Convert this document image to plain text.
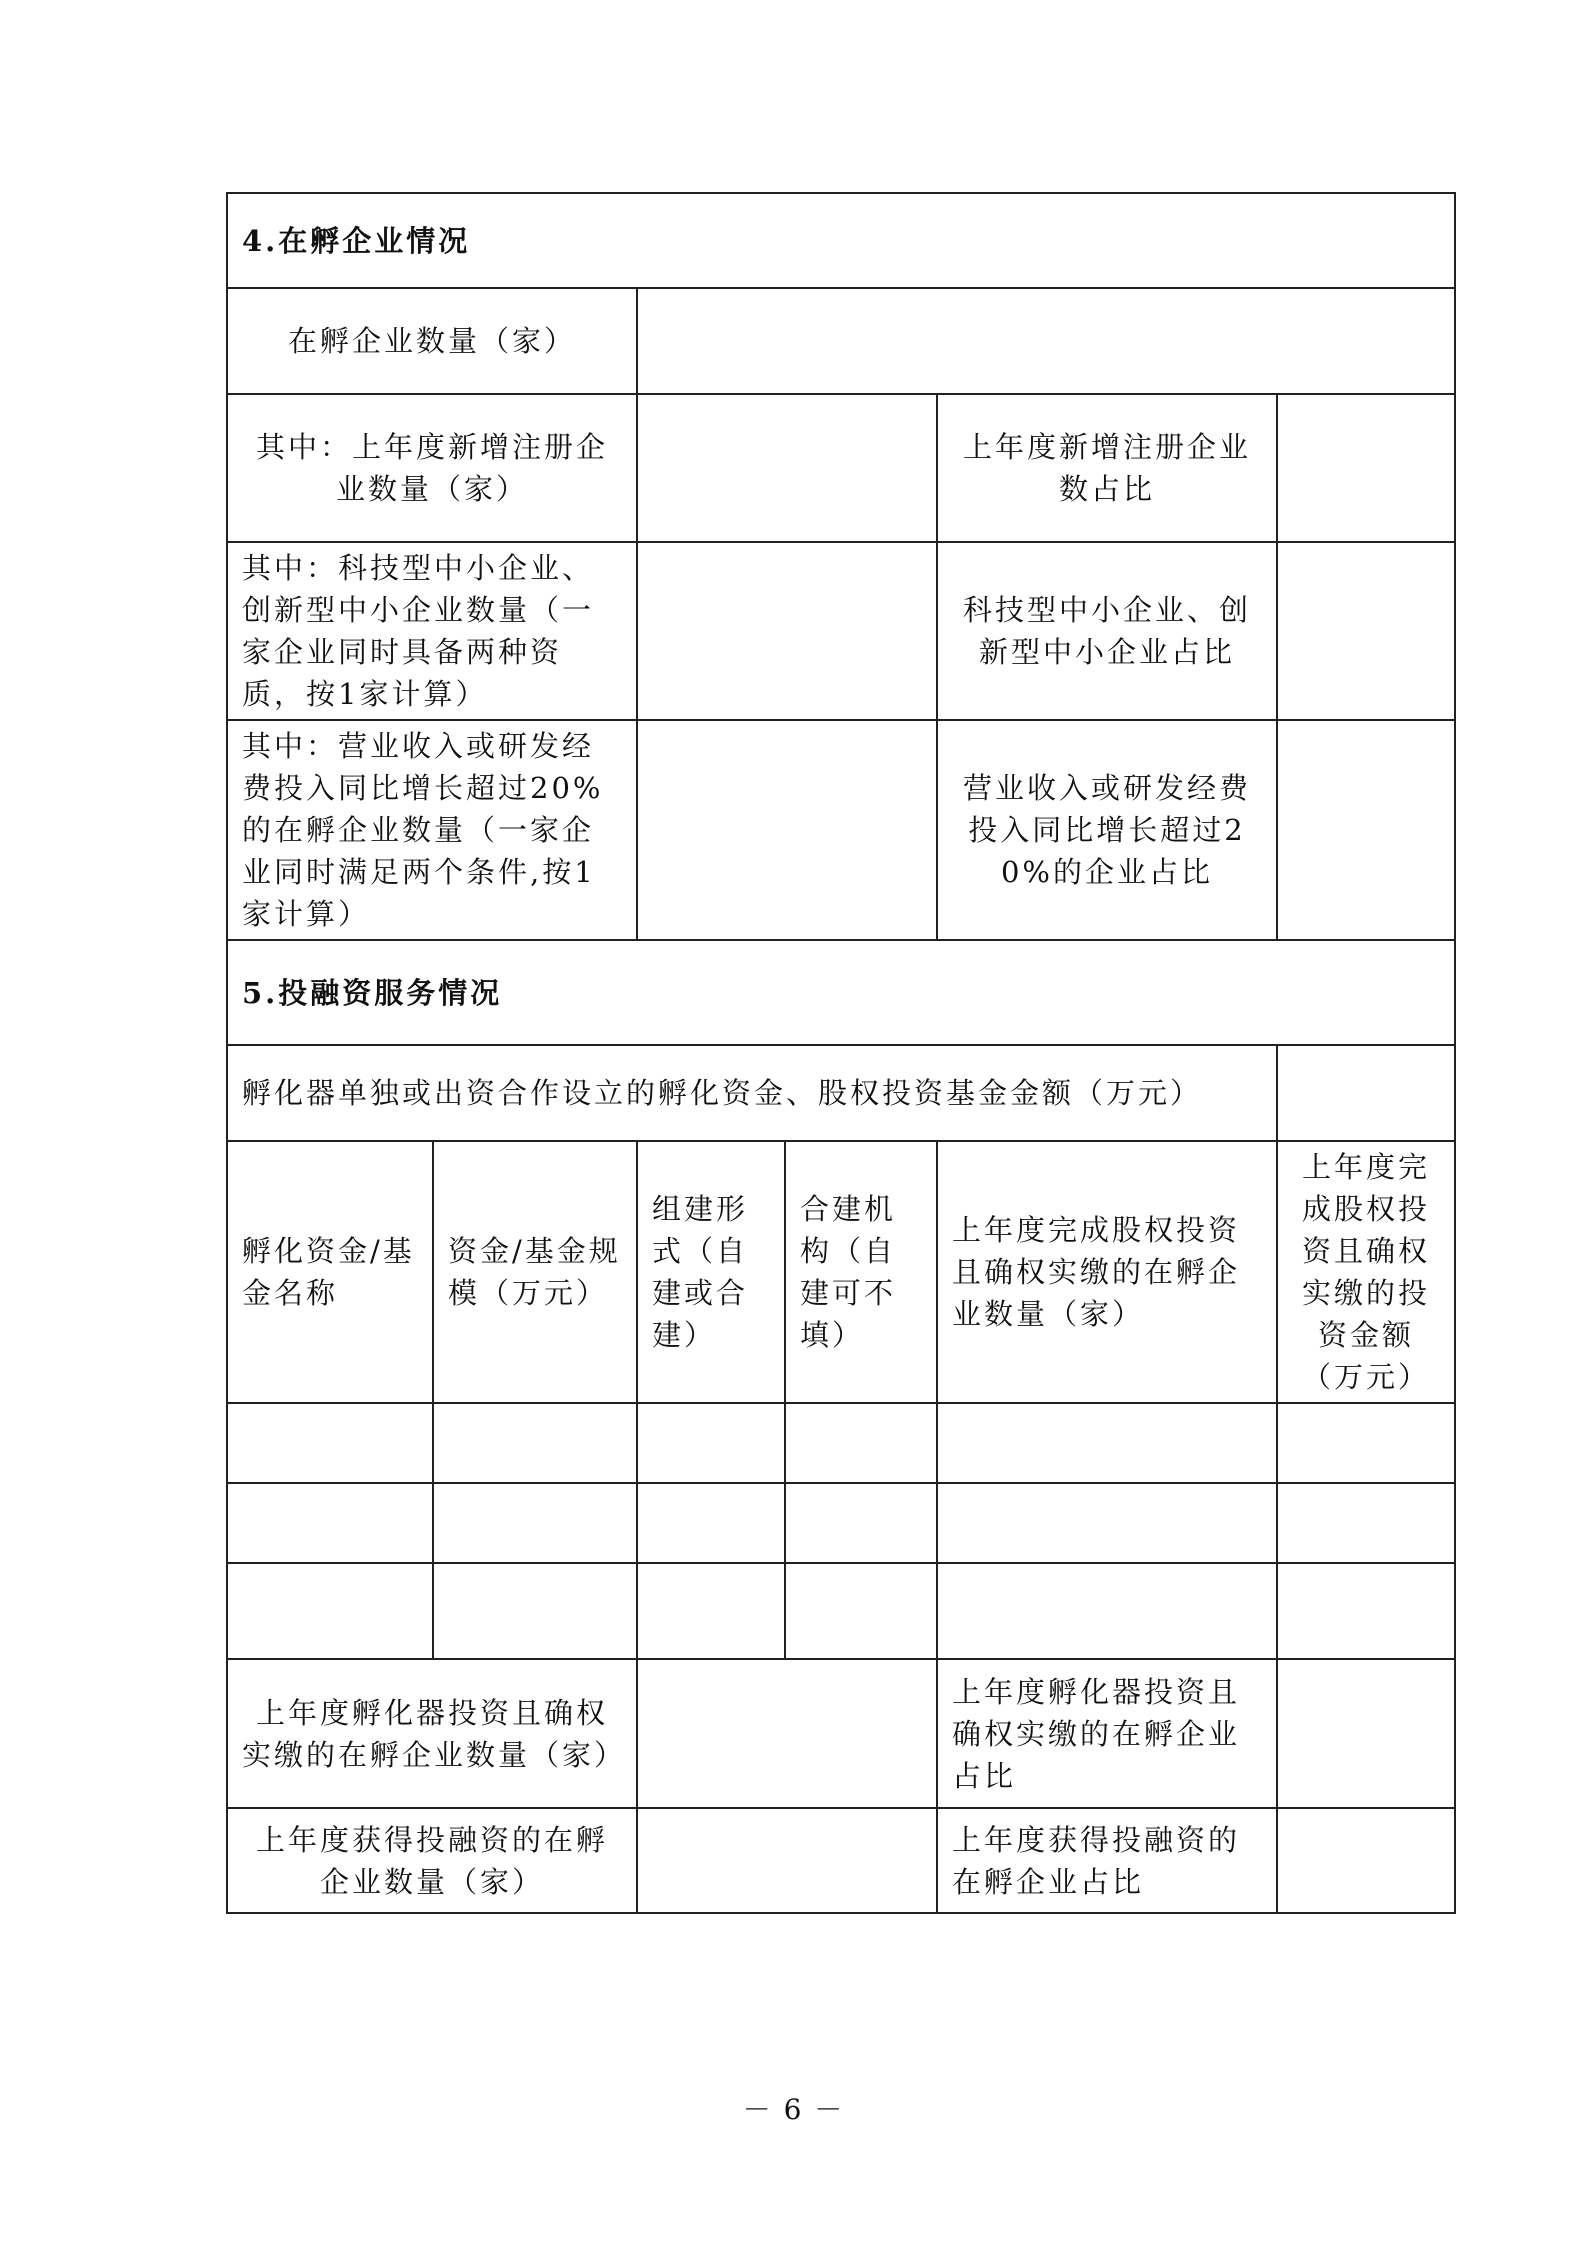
4.在孵企业情况					
在孵企业数量（家）					
其中：上年度新增注册企业数量（家）				上年度新增注册企业数占比	
其中：科技型中小企业、创新型中小企业数量（一家企业同时具备两种资质，按1家计算）				科技型中小企业、创新型中小企业占比	
其中：营业收入或研发经费投入同比增长超过20%的在孵企业数量（一家企业同时满足两个条件,按1家计算）				营业收入或研发经费投入同比增长超过20%的企业占比	
5.投融资服务情况					
孵化器单独或出资合作设立的孵化资金、股权投资基金金额（万元）					
孵化资金/基金名称	资金/基金规模（万元）	组建形式（自建或合建）	合建机构（自建可不填）	上年度完成股权投资且确权实缴的在孵企业数量（家）	上年度完成股权投资且确权实缴的投资金额（万元）

上年度孵化器投资且确权实缴的在孵企业数量（家）				上年度孵化器投资且确权实缴的在孵企业占比	
上年度获得投融资的在孵企业数量（家）				上年度获得投融资的在孵企业占比	
－ 6 －
